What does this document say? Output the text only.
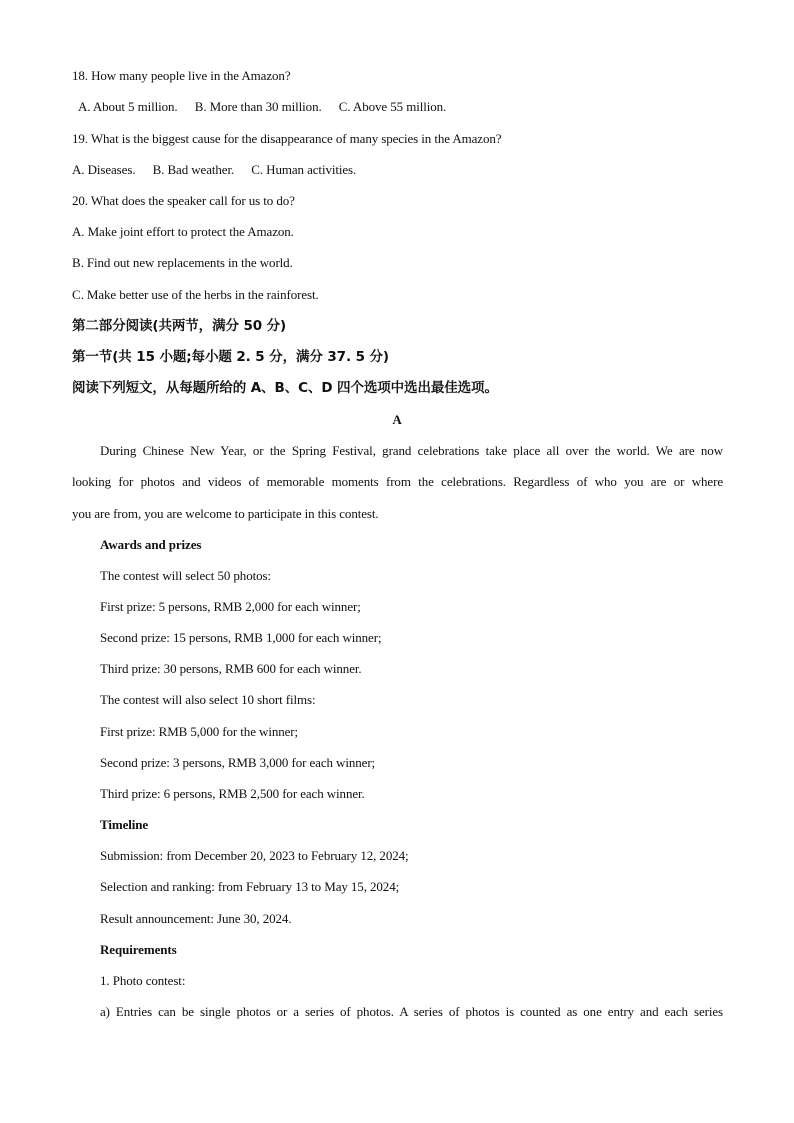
18. How many people live in the Amazon?
A. About 5 million. B. More than 30 million. C. Above 55 million.
19. What is the biggest cause for the disappearance of many species in the Amazon?
A. Diseases. B. Bad weather. C. Human activities.
20. What does the speaker call for us to do?
A. Make joint effort to protect the Amazon.
B. Find out new replacements in the world.
C. Make better use of the herbs in the rainforest.
第二部分阅读(共两节，满分 50 分)
第一节(共 15 小题;每小题 2. 5 分，满分 37. 5 分)
阅读下列短文，从每题所给的 A、B、C、D 四个选项中选出最佳选项。
A
During Chinese New Year, or the Spring Festival, grand celebrations take place all over the world. We are now
looking for photos and videos of memorable moments from the celebrations. Regardless of who you are or where
you are from, you are welcome to participate in this contest.
Awards and prizes
The contest will select 50 photos:
First prize: 5 persons, RMB 2,000 for each winner;
Second prize: 15 persons, RMB 1,000 for each winner;
Third prize: 30 persons, RMB 600 for each winner.
The contest will also select 10 short films:
First prize: RMB 5,000 for the winner;
Second prize: 3 persons, RMB 3,000 for each winner;
Third prize: 6 persons, RMB 2,500 for each winner.
Timeline
Submission: from December 20, 2023 to February 12, 2024;
Selection and ranking: from February 13 to May 15, 2024;
Result announcement: June 30, 2024.
Requirements
1. Photo contest:
a) Entries can be single photos or a series of photos. A series of photos is counted as one entry and each series
